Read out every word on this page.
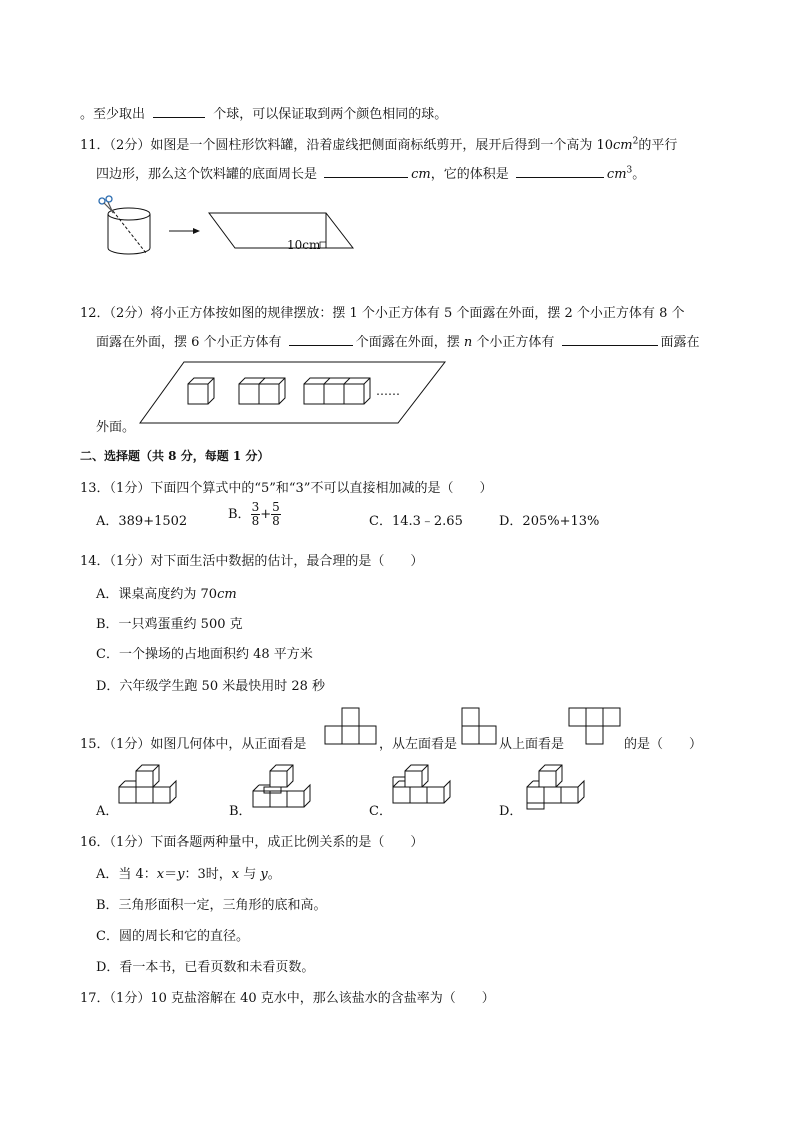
。至少取出	个球，可以保证取到两个颜色相同的球。
11．（2分）如图是一个圆柱形饮料罐，沿着虚线把侧面商标纸剪开，展开后得到一个高为 $10cm^2$的平行
四边形，那么这个饮料罐的底面周长是	cm，它的体积是	$cm^3$。
10cm
12．（2分）将小正方体按如图的规律摆放：摆 1 个小正方体有 5 个面露在外面，摆 2 个小正方体有 8 个
面露在外面，摆 6 个小正方体有	个面露在外面，摆 n 个小正方体有	面露在
……
外面。
二、选择题（共 8 分，每题 1 分）
13．（1分）下面四个算式中的“5”和“3”不可以直接相加减的是（　　）
A．389+1502	B． $\frac{3}{8} + \frac{5}{8}$	C．14.3﹣2.65	D．205%+13%
14．（1分）对下面生活中数据的估计，最合理的是（　　）
A．课桌高度约为 70cm
B．一只鸡蛋重约 500 克
C．一个操场的占地面积约 48 平方米
D．六年级学生跑 50 米最快用时 28 秒
15．（1分）如图几何体中，从正面看是	，从左面看是	从上面看是	的是（　　）
A．	B．	C．	D．
16．（1分）下面各题两种量中，成正比例关系的是（　　）
A．当 4：x＝y：3时，x 与 y。
B．三角形面积一定，三角形的底和高。
C．圆的周长和它的直径。
D．看一本书，已看页数和未看页数。
17．（1分）10 克盐溶解在 40 克水中，那么该盐水的含盐率为（　　）
